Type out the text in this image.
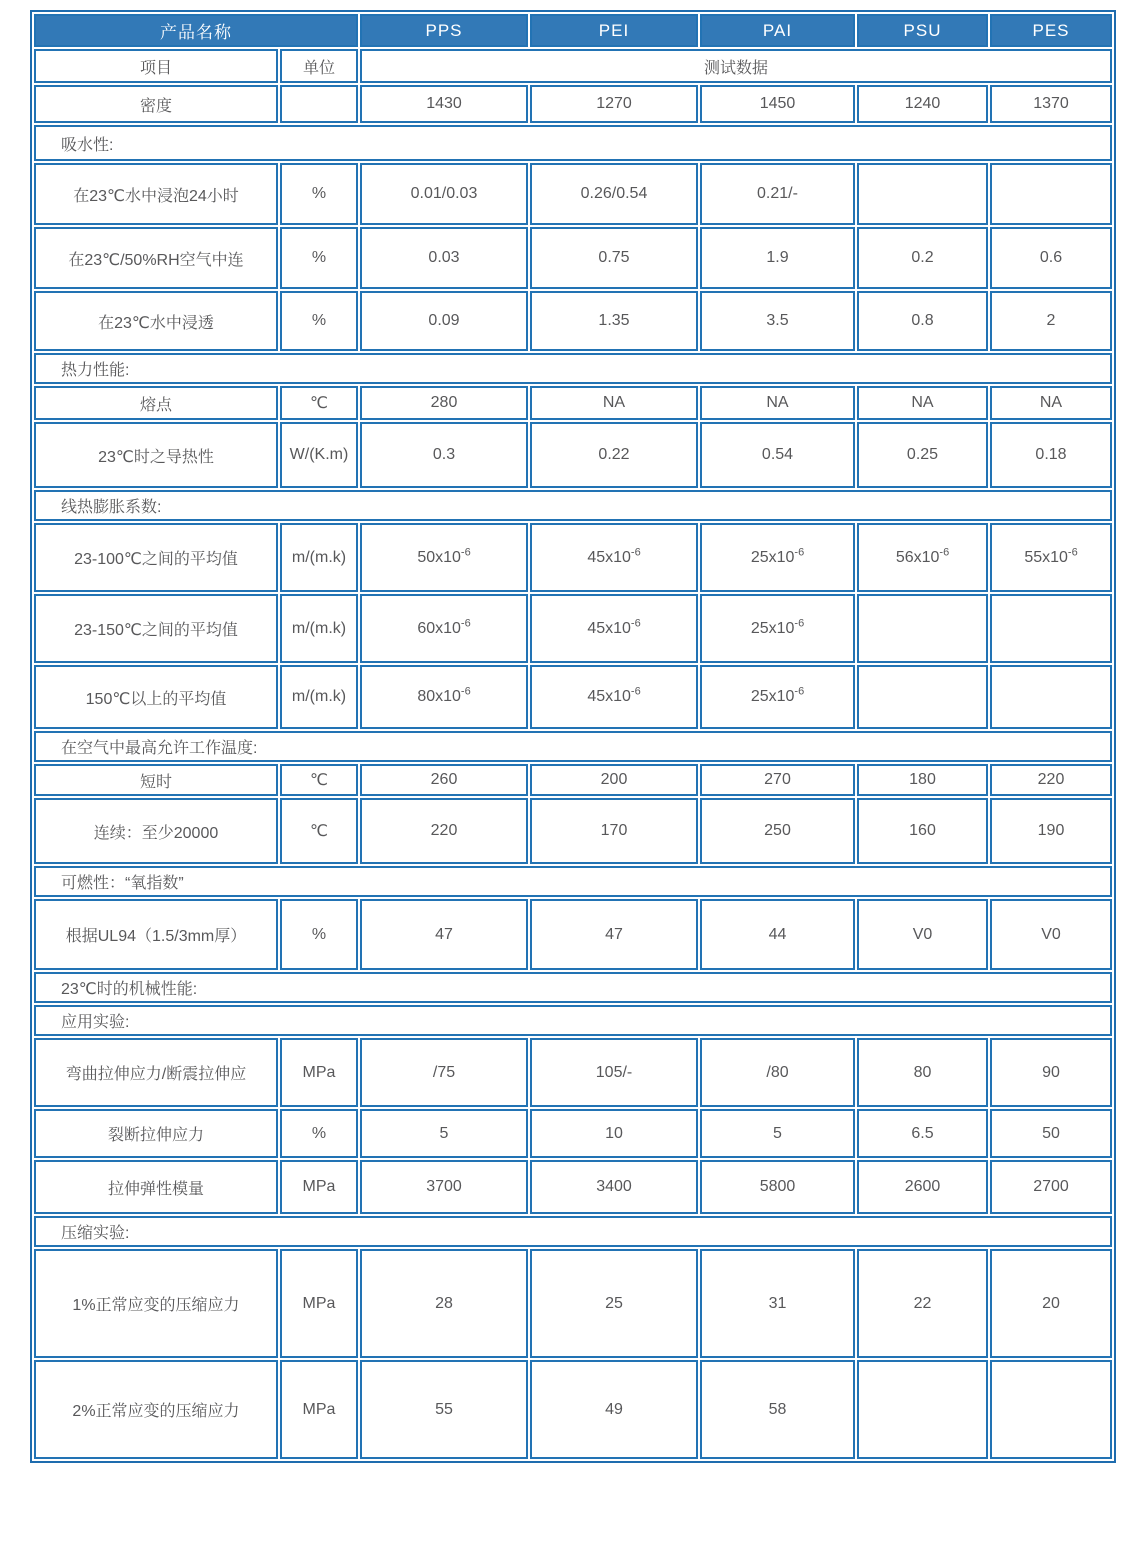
产品名称		PPS	PEI	PAI	PSU	PES
项目	单位	测试数据				
密度		1430	1270	1450	1240	1370
吸水性:						
在23℃水中浸泡24小时	%	0.01/0.03	0.26/0.54	0.21/-		
在23℃/50%RH空气中连	%	0.03	0.75	1.9	0.2	0.6
在23℃水中浸透	%	0.09	1.35	3.5	0.8	2
热力性能:						
熔点	℃	280	NA	NA	NA	NA
23℃时之导热性	W/(K.m)	0.3	0.22	0.54	0.25	0.18
线热膨胀系数:						
23-100℃之间的平均值	m/(m.k)	$50x10^{-6}$	$45x10^{-6}$	$25x10^{-6}$	$56x10^{-6}$	$55x10^{-6}$
23-150℃之间的平均值	m/(m.k)	$60x10^{-6}$	$45x10^{-6}$	$25x10^{-6}$		
150℃以上的平均值	m/(m.k)	$80x10^{-6}$	$45x10^{-6}$	$25x10^{-6}$		
在空气中最高允许工作温度:						
短时	℃	260	200	270	180	220
连续：至少20000	℃	220	170	250	160	190
可燃性：“氧指数”						
根据UL94（1.5/3mm厚）	%	47	47	44	V0	V0
23℃时的机械性能:						
应用实验:						
弯曲拉伸应力/断震拉伸应	MPa	/75	105/-	/80	80	90
裂断拉伸应力	%	5	10	5	6.5	50
拉伸弹性模量	MPa	3700	3400	5800	2600	2700
压缩实验:						
1%正常应变的压缩应力	MPa	28	25	31	22	20
2%正常应变的压缩应力	MPa	55	49	58		
